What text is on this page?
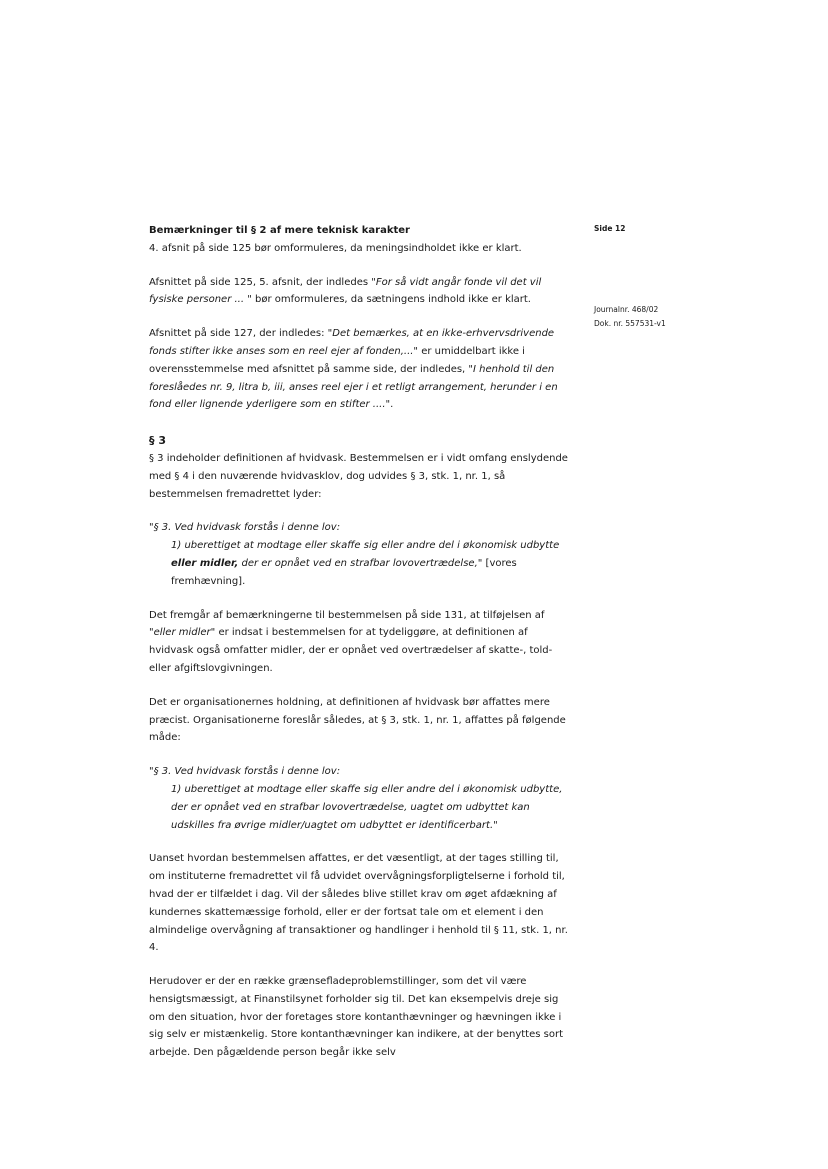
Side 12
Journalnr. 468/02
Dok. nr. 557531-v1

Bemærkninger til § 2 af mere teknisk karakter

4. afsnit på side 125 bør omformuleres, da meningsindholdet ikke er klart.

Afsnittet på side 125, 5. afsnit, der indledes "For så vidt angår fonde vil det vil fysiske personer ... " bør omformuleres, da sætningens indhold ikke er klart.

Afsnittet på side 127, der indledes: "Det bemærkes, at en ikke-erhvervsdrivende fonds stifter ikke anses som en reel ejer af fonden,..." er umiddelbart ikke i overensstemmelse med afsnittet på samme side, der indledes, "I henhold til den foreslåedes nr. 9, litra b, iii, anses reel ejer i et retligt arrangement, herunder i en fond eller lignende yderligere som en stifter ....".

§ 3

§ 3 indeholder definitionen af hvidvask. Bestemmelsen er i vidt omfang enslydende med § 4 i den nuværende hvidvasklov, dog udvides § 3, stk. 1, nr. 1, så bestemmelsen fremadrettet lyder:

"§ 3. Ved hvidvask forstås i denne lov:

1) uberettiget at modtage eller skaffe sig eller andre del i økonomisk udbytte eller midler, der er opnået ved en strafbar lovovertrædelse," [vores fremhævning].

Det fremgår af bemærkningerne til bestemmelsen på side 131, at tilføjelsen af "eller midler" er indsat i bestemmelsen for at tydeliggøre, at definitionen af hvidvask også omfatter midler, der er opnået ved overtrædelser af skatte-, told- eller afgiftslovgivningen.

Det er organisationernes holdning, at definitionen af hvidvask bør affattes mere præcist. Organisationerne foreslår således, at § 3, stk. 1, nr. 1, affattes på følgende måde:

"§ 3. Ved hvidvask forstås i denne lov:

1) uberettiget at modtage eller skaffe sig eller andre del i økonomisk udbytte, der er opnået ved en strafbar lovovertrædelse, uagtet om udbyttet kan udskilles fra øvrige midler/uagtet om udbyttet er identificerbart."

Uanset hvordan bestemmelsen affattes, er det væsentligt, at der tages stilling til, om instituterne fremadrettet vil få udvidet overvågningsforpligtelserne i forhold til, hvad der er tilfældet i dag. Vil der således blive stillet krav om øget afdækning af kundernes skattemæssige forhold, eller er der fortsat tale om et element i den almindelige overvågning af transaktioner og handlinger i henhold til § 11, stk. 1, nr. 4.

Herudover er der en række grænsefladeproblemstillinger, som det vil være hensigtsmæssigt, at Finanstilsynet forholder sig til. Det kan eksempelvis dreje sig om den situation, hvor der foretages store kontanthævninger og hævningen ikke i sig selv er mistænkelig. Store kontanthævninger kan indikere, at der benyttes sort arbejde. Den pågældende person begår ikke selv
